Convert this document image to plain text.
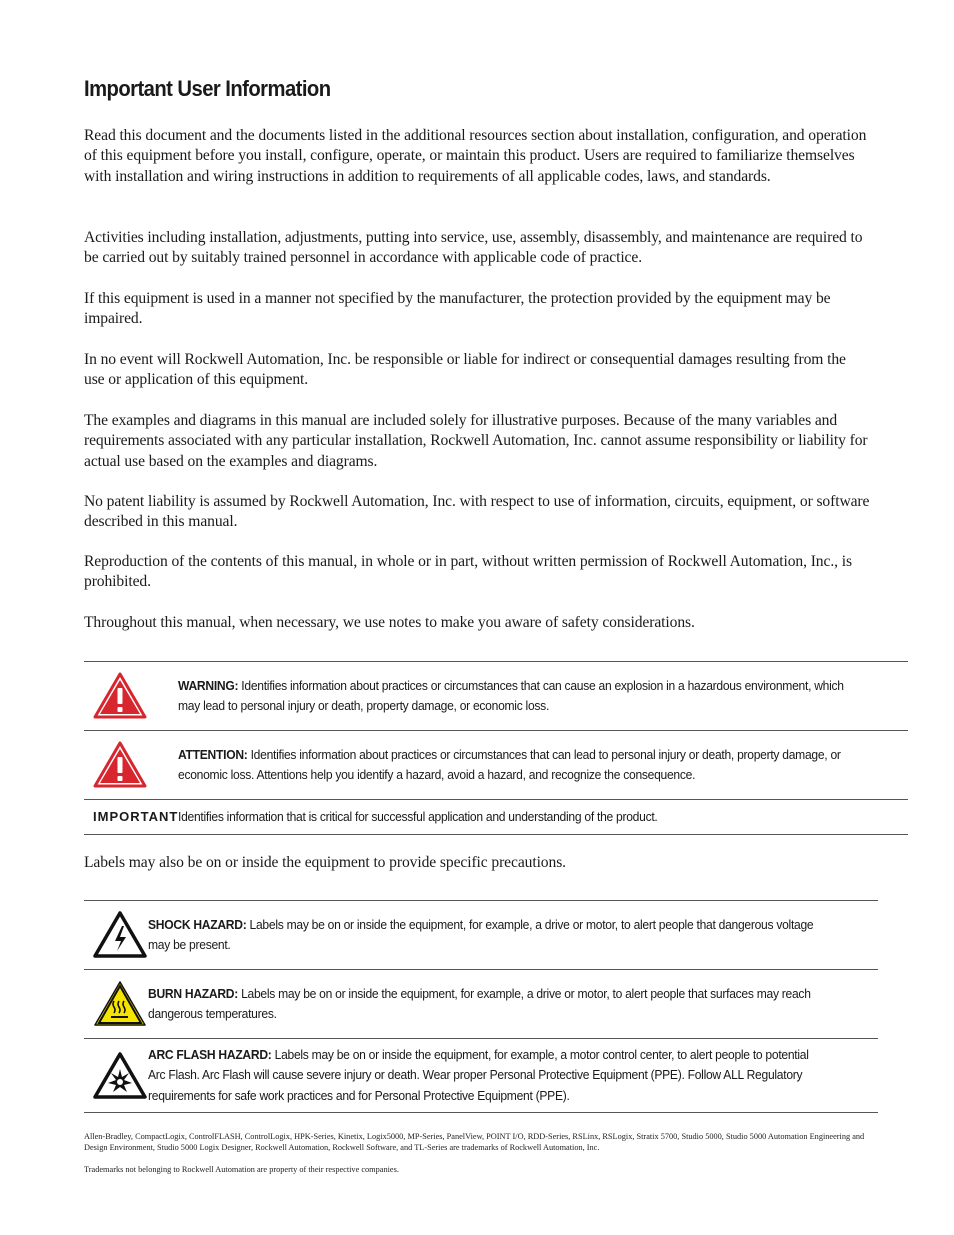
Important User Information

Read this document and the documents listed in the additional resources section about installation, configuration, and operation of this equipment before you install, configure, operate, or maintain this product. Users are required to familiarize themselves with installation and wiring instructions in addition to requirements of all applicable codes, laws, and standards.

Activities including installation, adjustments, putting into service, use, assembly, disassembly, and maintenance are required to be carried out by suitably trained personnel in accordance with applicable code of practice.

If this equipment is used in a manner not specified by the manufacturer, the protection provided by the equipment may be impaired.

In no event will Rockwell Automation, Inc. be responsible or liable for indirect or consequential damages resulting from the use or application of this equipment.

The examples and diagrams in this manual are included solely for illustrative purposes. Because of the many variables and requirements associated with any particular installation, Rockwell Automation, Inc. cannot assume responsibility or liability for actual use based on the examples and diagrams.

No patent liability is assumed by Rockwell Automation, Inc. with respect to use of information, circuits, equipment, or software described in this manual.

Reproduction of the contents of this manual, in whole or in part, without written permission of Rockwell Automation, Inc., is prohibited.

Throughout this manual, when necessary, we use notes to make you aware of safety considerations.

WARNING: Identifies information about practices or circumstances that can cause an explosion in a hazardous environment, which may lead to personal injury or death, property damage, or economic loss.

ATTENTION: Identifies information about practices or circumstances that can lead to personal injury or death, property damage, or economic loss. Attentions help you identify a hazard, avoid a hazard, and recognize the consequence.

IMPORTANT	Identifies information that is critical for successful application and understanding of the product.

Labels may also be on or inside the equipment to provide specific precautions.

SHOCK HAZARD: Labels may be on or inside the equipment, for example, a drive or motor, to alert people that dangerous voltage may be present.

BURN HAZARD: Labels may be on or inside the equipment, for example, a drive or motor, to alert people that surfaces may reach dangerous temperatures.

ARC FLASH HAZARD: Labels may be on or inside the equipment, for example, a motor control center, to alert people to potential Arc Flash. Arc Flash will cause severe injury or death. Wear proper Personal Protective Equipment (PPE). Follow ALL Regulatory requirements for safe work practices and for Personal Protective Equipment (PPE).

Allen-Bradley, CompactLogix, ControlFLASH, ControlLogix, HPK-Series, Kinetix, Logix5000, MP-Series, PanelView, POINT I/O, RDD-Series, RSLinx, RSLogix, Stratix 5700, Studio 5000, Studio 5000 Automation Engineering and Design Environment, Studio 5000 Logix Designer, Rockwell Automation, Rockwell Software, and TL-Series are trademarks of Rockwell Automation, Inc.

Trademarks not belonging to Rockwell Automation are property of their respective companies.
